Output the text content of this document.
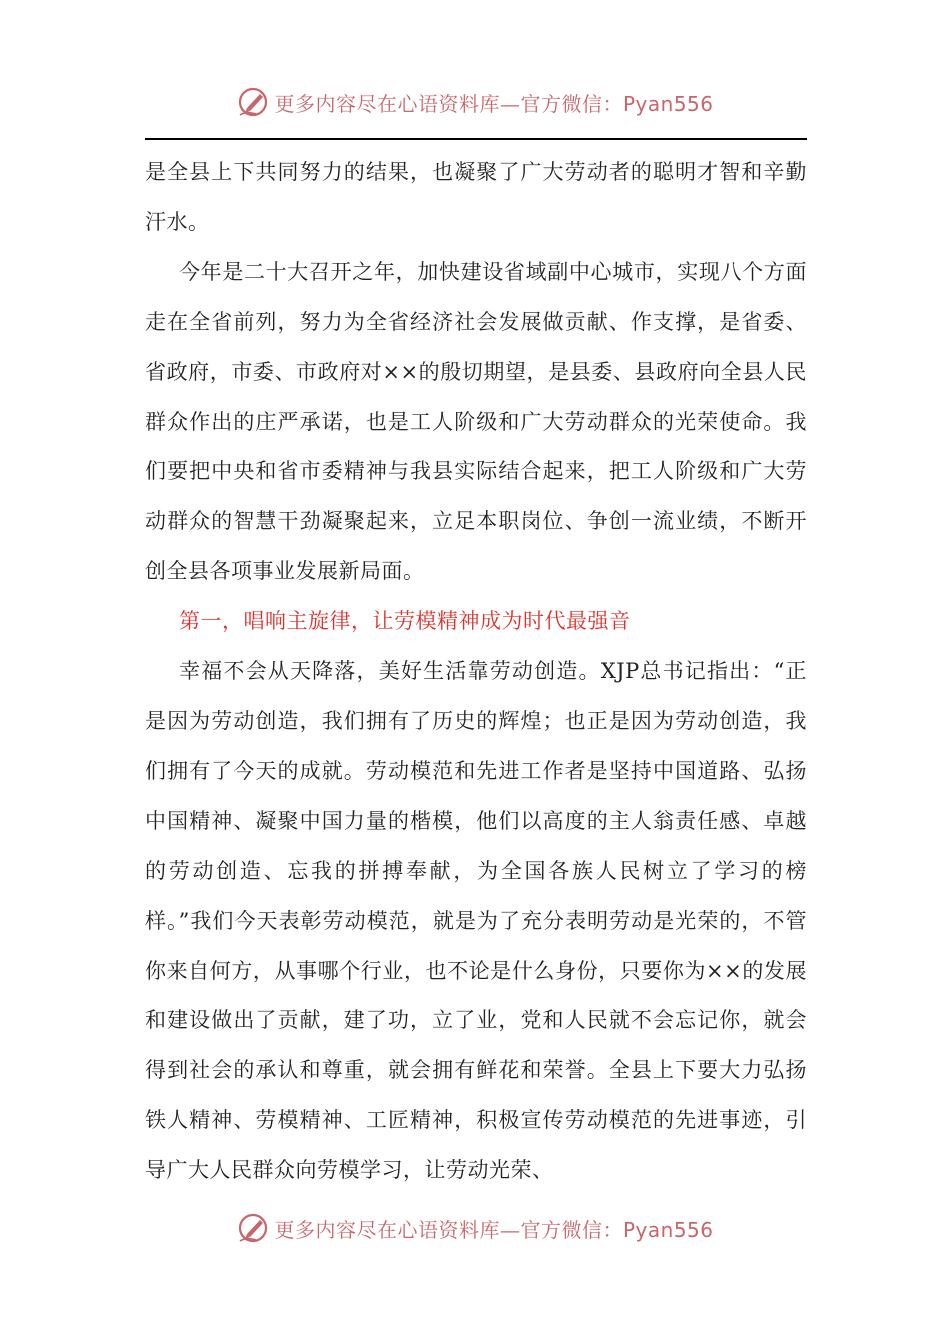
更多内容尽在心语资料库—官方微信：Pyan556

是全县上下共同努力的结果，也凝聚了广大劳动者的聪明才智和辛勤汗水。

今年是二十大召开之年，加快建设省域副中心城市，实现八个方面走在全省前列，努力为全省经济社会发展做贡献、作支撑，是省委、省政府，市委、市政府对××的殷切期望，是县委、县政府向全县人民群众作出的庄严承诺，也是工人阶级和广大劳动群众的光荣使命。我们要把中央和省市委精神与我县实际结合起来，把工人阶级和广大劳动群众的智慧干劲凝聚起来，立足本职岗位、争创一流业绩，不断开创全县各项事业发展新局面。

第一，唱响主旋律，让劳模精神成为时代最强音

幸福不会从天降落，美好生活靠劳动创造。XJP总书记指出：“正是因为劳动创造，我们拥有了历史的辉煌；也正是因为劳动创造，我们拥有了今天的成就。劳动模范和先进工作者是坚持中国道路、弘扬中国精神、凝聚中国力量的楷模，他们以高度的主人翁责任感、卓越的劳动创造、忘我的拼搏奉献，为全国各族人民树立了学习的榜样。”我们今天表彰劳动模范，就是为了充分表明劳动是光荣的，不管你来自何方，从事哪个行业，也不论是什么身份，只要你为××的发展和建设做出了贡献，建了功，立了业，党和人民就不会忘记你，就会得到社会的承认和尊重，就会拥有鲜花和荣誉。全县上下要大力弘扬铁人精神、劳模精神、工匠精神，积极宣传劳动模范的先进事迹，引导广大人民群众向劳模学习，让劳动光荣、

更多内容尽在心语资料库—官方微信：Pyan556
